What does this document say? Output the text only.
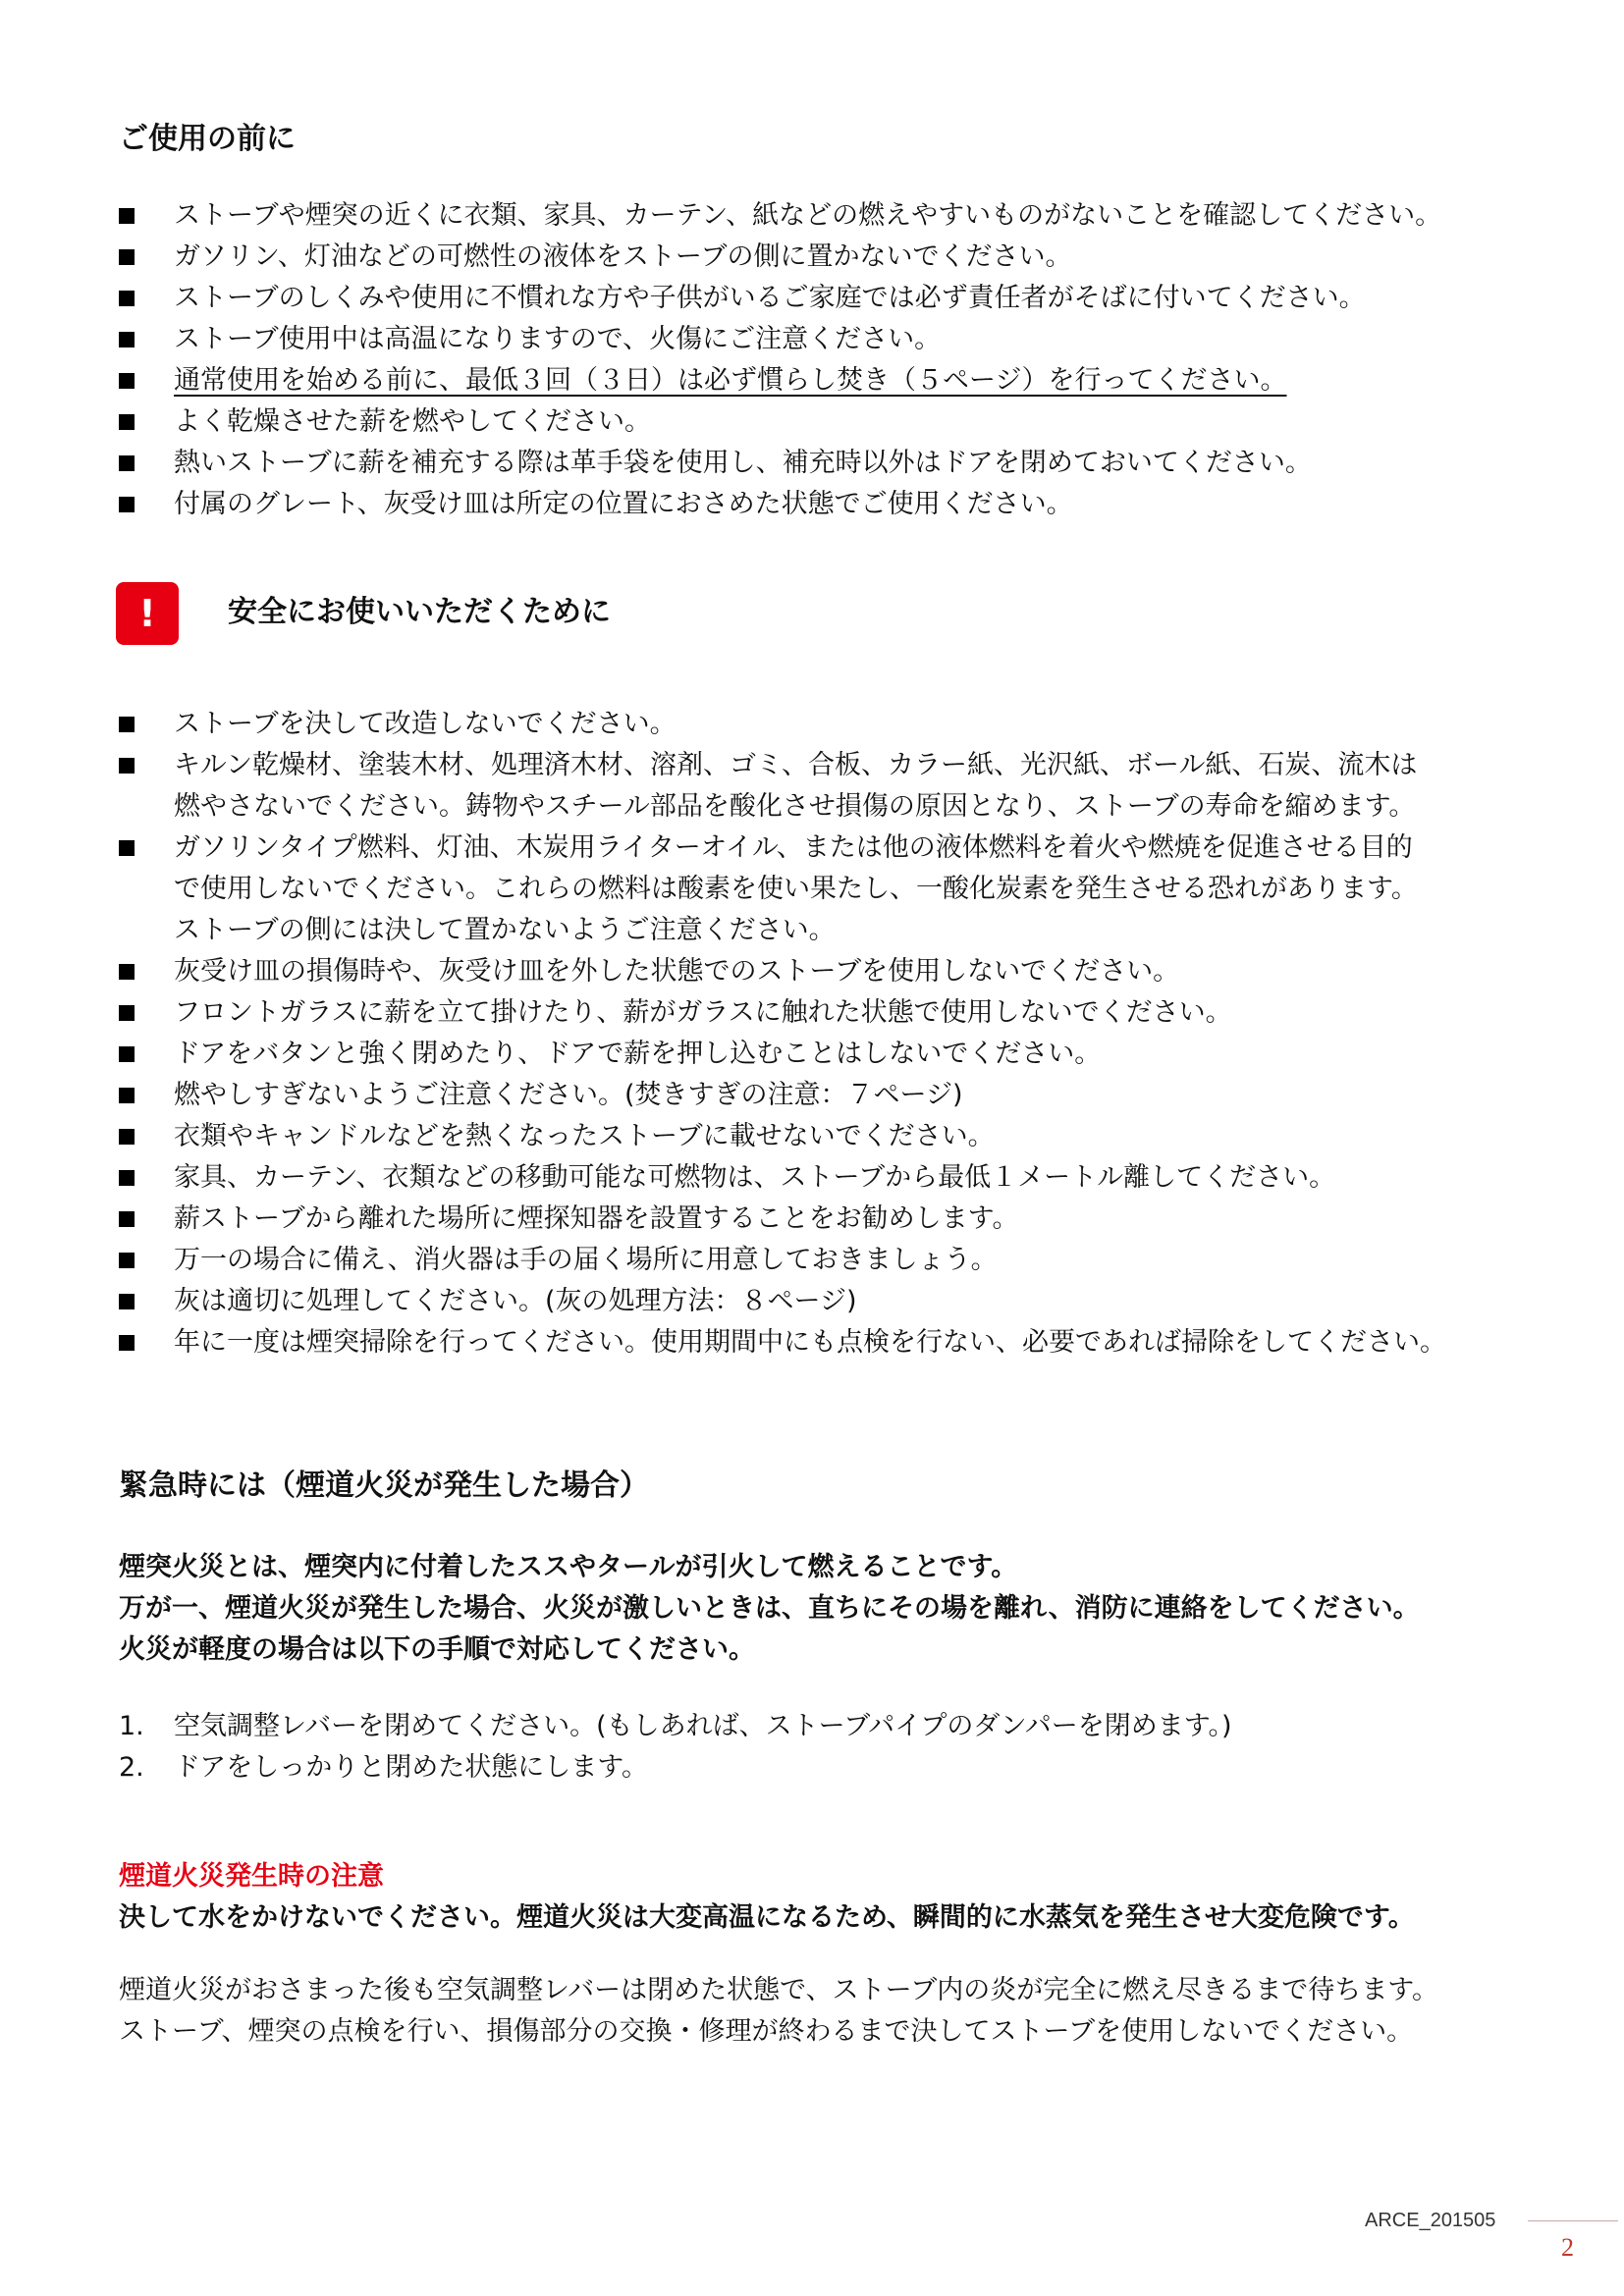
ご使用の前に
ストーブや煙突の近くに衣類、家具、カーテン、紙などの燃えやすいものがないことを確認してください。
ガソリン、灯油などの可燃性の液体をストーブの側に置かないでください。
ストーブのしくみや使用に不慣れな方や子供がいるご家庭では必ず責任者がそばに付いてください。
ストーブ使用中は高温になりますので、火傷にご注意ください。
通常使用を始める前に、最低３回（３日）は必ず慣らし焚き（５ページ）を行ってください。
よく乾燥させた薪を燃やしてください。
熱いストーブに薪を補充する際は革手袋を使用し、補充時以外はドアを閉めておいてください。
付属のグレート、灰受け皿は所定の位置におさめた状態でご使用ください。
!	安全にお使いいただくために
ストーブを決して改造しないでください。
キルン乾燥材、塗装木材、処理済木材、溶剤、ゴミ、合板、カラー紙、光沢紙、ボール紙、石炭、流木は
燃やさないでください。鋳物やスチール部品を酸化させ損傷の原因となり、ストーブの寿命を縮めます。
ガソリンタイプ燃料、灯油、木炭用ライターオイル、または他の液体燃料を着火や燃焼を促進させる目的
で使用しないでください。これらの燃料は酸素を使い果たし、一酸化炭素を発生させる恐れがあります。
ストーブの側には決して置かないようご注意ください。
灰受け皿の損傷時や、灰受け皿を外した状態でのストーブを使用しないでください。
フロントガラスに薪を立て掛けたり、薪がガラスに触れた状態で使用しないでください。
ドアをバタンと強く閉めたり、ドアで薪を押し込むことはしないでください。
燃やしすぎないようご注意ください。(焚きすぎの注意：７ページ)
衣類やキャンドルなどを熱くなったストーブに載せないでください。
家具、カーテン、衣類などの移動可能な可燃物は、ストーブから最低１メートル離してください。
薪ストーブから離れた場所に煙探知器を設置することをお勧めします。
万一の場合に備え、消火器は手の届く場所に用意しておきましょう。
灰は適切に処理してください。(灰の処理方法：８ページ)
年に一度は煙突掃除を行ってください。使用期間中にも点検を行ない、必要であれば掃除をしてください。
緊急時には（煙道火災が発生した場合）

煙突火災とは、煙突内に付着したススやタールが引火して燃えることです。

万が一、煙道火災が発生した場合、火災が激しいときは、直ちにその場を離れ、消防に連絡をしてください。

火災が軽度の場合は以下の手順で対応してください。

1. 空気調整レバーを閉めてください。(もしあれば、ストーブパイプのダンパーを閉めます。)
2. ドアをしっかりと閉めた状態にします。

煙道火災発生時の注意

決して水をかけないでください。煙道火災は大変高温になるため、瞬間的に水蒸気を発生させ大変危険です。

煙道火災がおさまった後も空気調整レバーは閉めた状態で、ストーブ内の炎が完全に燃え尽きるまで待ちます。

ストーブ、煙突の点検を行い、損傷部分の交換・修理が終わるまで決してストーブを使用しないでください。

ARCE_201505
2
